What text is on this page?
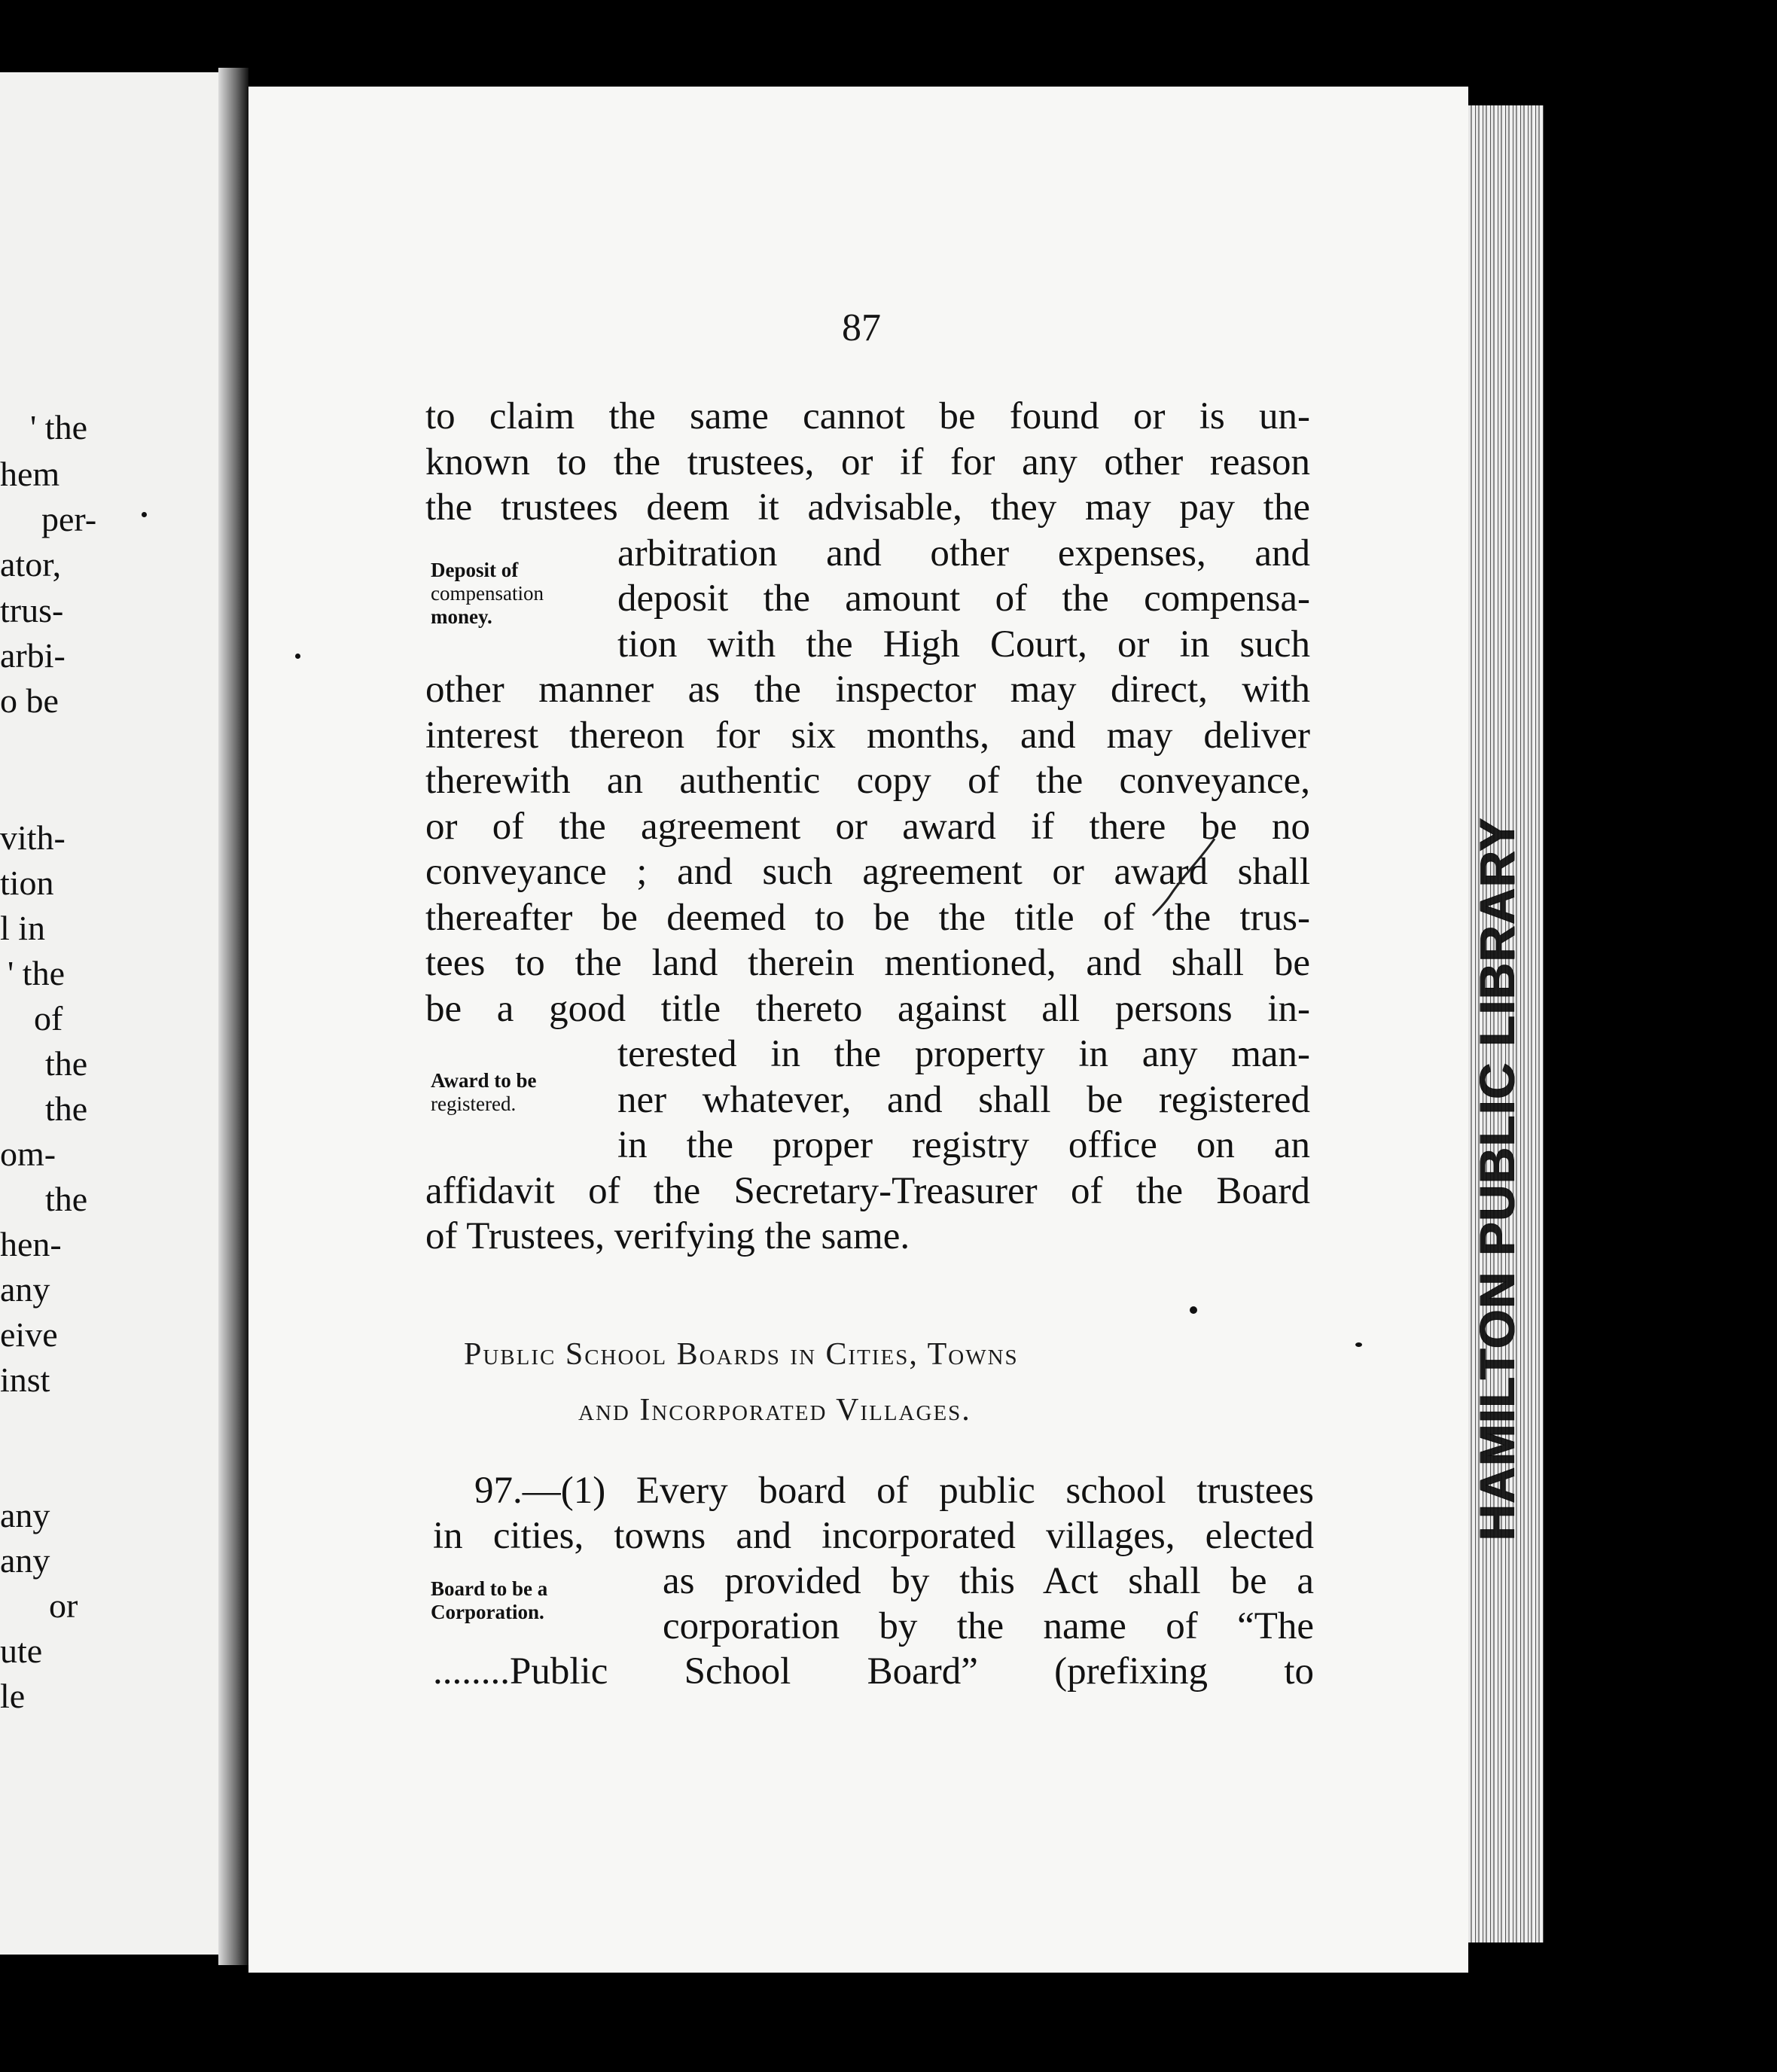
' the
hem
per-
ator,
trus-
arbi-
o be
vith-
tion
l in
' the
of
the
the
om-
the
hen-
any
eive
inst
any
any
or
ute
le
87
to claim the same cannot be found or is un-
known to the trustees, or if for any other reason
the trustees deem it advisable, they may pay the
arbitration and other expenses, and
deposit the amount of the compensa-
tion with the High Court, or in such
other manner as the inspector may direct, with
interest thereon for six months, and may deliver
therewith an authentic copy of the conveyance,
or of the agreement or award if there be no
conveyance ; and such agreement or award shall
thereafter be deemed to be the title of the trus-
tees to the land therein mentioned, and shall be
be a good title thereto against all persons in-
terested in the property in any man-
ner whatever, and shall be registered
in the proper registry office on an
affidavit of the Secretary-Treasurer of the Board
of Trustees, verifying the same.
Deposit of
compensation
money.
Award to be
registered.
Board to be a
Corporation.
Public School Boards in Cities, Towns
and Incorporated Villages.
97.—(1) Every board of public school trustees
in cities, towns and incorporated villages, elected
as provided by this Act shall be a
corporation by the name of “The
........Public School Board” (prefixing to
HAMILTON PUBLIC LIBRARY
